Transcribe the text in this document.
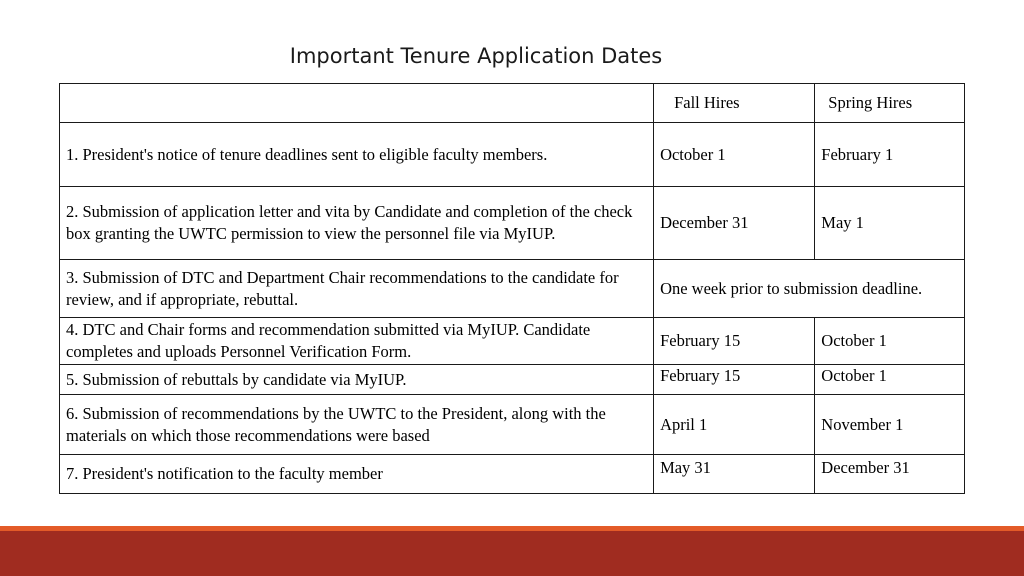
Important Tenure Application Dates
	Fall Hires	Spring Hires

1. President's notice of tenure deadlines sent to eligible faculty members.	October 1	February 1
2. Submission of application letter and vita by Candidate and completion of the check box granting the UWTC permission to view the personnel file via MyIUP.	December 31	May 1
3. Submission of DTC and Department Chair recommendations to the candidate for review, and if appropriate, rebuttal.	One week prior to submission deadline.	
4. DTC and Chair forms and recommendation submitted via MyIUP. Candidate completes and uploads Personnel Verification Form.	February 15	October 1
5. Submission of rebuttals by candidate via MyIUP.	February 15	October 1
6. Submission of recommendations by the UWTC to the President, along with the materials on which those recommendations were based	April 1	November 1
7. President's notification to the faculty member	May 31	December 31
